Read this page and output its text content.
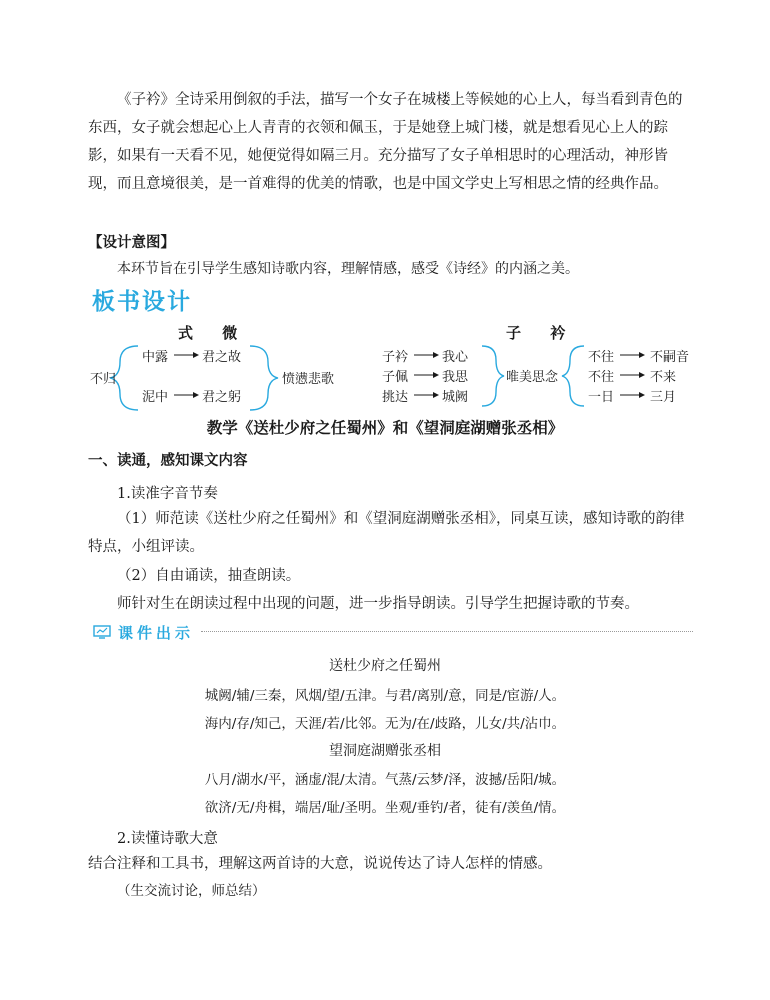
《子衿》全诗采用倒叙的手法，描写一个女子在城楼上等候她的心上人，每当看到青色的东西，女子就会想起心上人青青的衣领和佩玉，于是她登上城门楼，就是想看见心上人的踪影，如果有一天看不见，她便觉得如隔三月。充分描写了女子单相思时的心理活动，神形皆现，而且意境很美，是一首难得的优美的情歌，也是中国文学史上写相思之情的经典作品。

【设计意图】

本环节旨在引导学生感知诗歌内容，理解情感，感受《诗经》的内涵之美。

板书设计

式 微
不归
中露	君之故
泥中	君之躬
愤懑悲歌
子 衿
子衿	我心
子佩	我思
挑达	城阙
唯美思念
不往	不嗣音
不往	不来
一日	三月

教学《送杜少府之任蜀州》和《望洞庭湖赠张丞相》

一、读通，感知课文内容

1.读准字音节奏

（1）师范读《送杜少府之任蜀州》和《望洞庭湖赠张丞相》，同桌互读，感知诗歌的韵律特点，小组评读。

（2）自由诵读，抽查朗读。

师针对生在朗读过程中出现的问题，进一步指导朗读。引导学生把握诗歌的节奏。

课件出示

送杜少府之任蜀州

城阙/辅/三秦，风烟/望/五津。与君/离别/意，同是/宦游/人。

海内/存/知己，天涯/若/比邻。无为/在/歧路，儿女/共/沾巾。

望洞庭湖赠张丞相

八月/湖水/平，涵虚/混/太清。气蒸/云梦/泽，波撼/岳阳/城。

欲济/无/舟楫，端居/耻/圣明。坐观/垂钓/者，徒有/羡鱼/情。

2.读懂诗歌大意

结合注释和工具书，理解这两首诗的大意，说说传达了诗人怎样的情感。

（生交流讨论，师总结）
